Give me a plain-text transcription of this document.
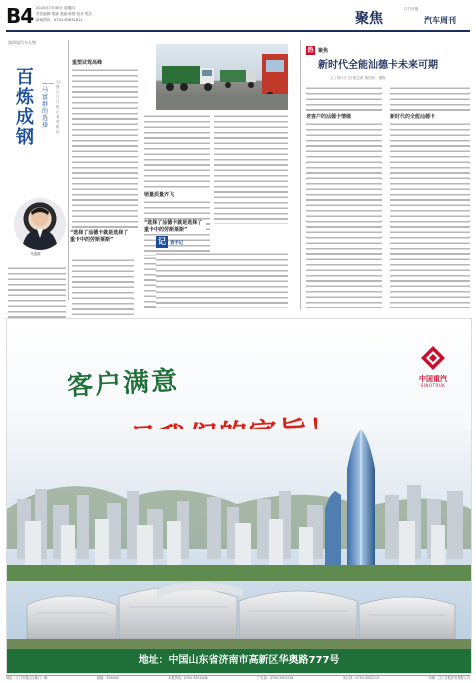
B4 2020年7月30日 星期四
责任编辑 胡斌 美编 杨国 校对 侯洁
新闻热线：0750-83632611	聚焦
江门日报
汽车周刊
第四届汽车人物
百炼成钢
——马富群的选择
文/图 江门日报记者 蔡锐标
马富群
“选择了汕德卡就是选择了重卡中的劳斯莱斯”
重塑试驾高峰
销量质量齐飞
“选择了汕德卡就是选择了重卡中的劳斯莱斯”
记 者手记
热 聚焦
新时代全能汕德卡未来可期
文 / 图 江门日报记者 杨国伟 · 摄影
老客户的汕德卡情缘	新时代的全能汕德卡
中国重汽
SINOTRUK
客户满意
地址：中国山东省济南市高新区华奥路777号
地址：江门市蓬江区港口一路	邮编：529000	本报热线：0750-3502208	广告部：0750-3502216	发行部：0750-3502213	印刷：江门日报印务有限公司
